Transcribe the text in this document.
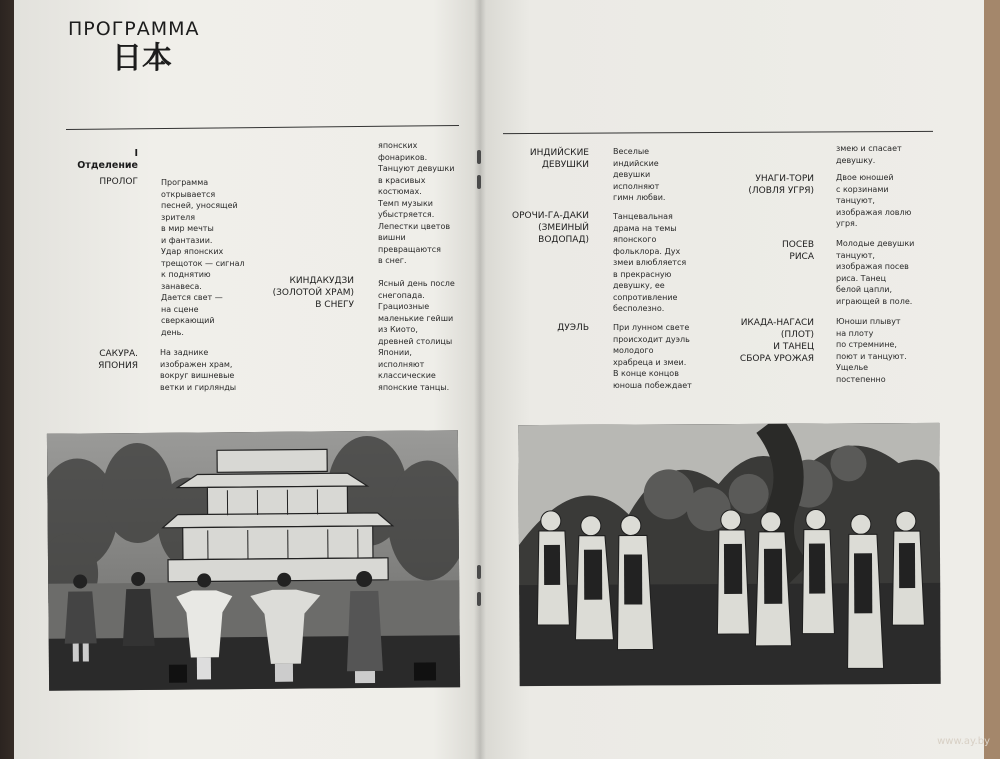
ПРОГРАММА
日本
I
Отделение
ПРОЛОГ	Программа
открывается
песней, уносящей
зрителя
в мир мечты
и фантазии.
Удар японских
трещоток — сигнал
к поднятию
занавеса.
Дается свет —
на сцене
сверкающий
день.
САКУРА.
ЯПОНИЯ
На заднике
изображен храм,
вокруг вишневые
ветки и гирлянды
японских
фонариков.
Танцуют девушки
в красивых
костюмах.
Темп музыки
убыстряется.
Лепестки цветов
вишни
превращаются
в снег.
КИНДАКУДЗИ
(ЗОЛОТОЙ ХРАМ)
В СНЕГУ
Ясный день после
снегопада.
Грациозные
маленькие гейши
из Киото,
древней столицы
Японии,
исполняют
классические
японские танцы.
ИНДИЙСКИЕ
ДЕВУШКИ
Веселые
индийские
девушки
исполняют
гимн любви.
ОРОЧИ-ГА-ДАКИ
(ЗМЕИНЫЙ
ВОДОПАД)
Танцевальная
драма на темы
японского
фольклора. Дух
змеи влюбляется
в прекрасную
девушку, ее
сопротивление
бесполезно.
ДУЭЛЬ	При лунном свете
происходит дуэль
молодого
храбреца и змеи.
В конце концов
юноша побеждает
змею и спасает
девушку.
УНАГИ-ТОРИ
(ЛОВЛЯ УГРЯ)
Двое юношей
с корзинами
танцуют,
изображая ловлю
угря.
ПОСЕВ
РИСА
Молодые девушки
танцуют,
изображая посев
риса. Танец
белой цапли,
играющей в поле.
ИКАДА-НАГАСИ
(ПЛОТ)
И ТАНЕЦ
СБОРА УРОЖАЯ
Юноши плывут
на плоту
по стремнине,
поют и танцуют.
Ущелье
постепенно
www.ay.by
